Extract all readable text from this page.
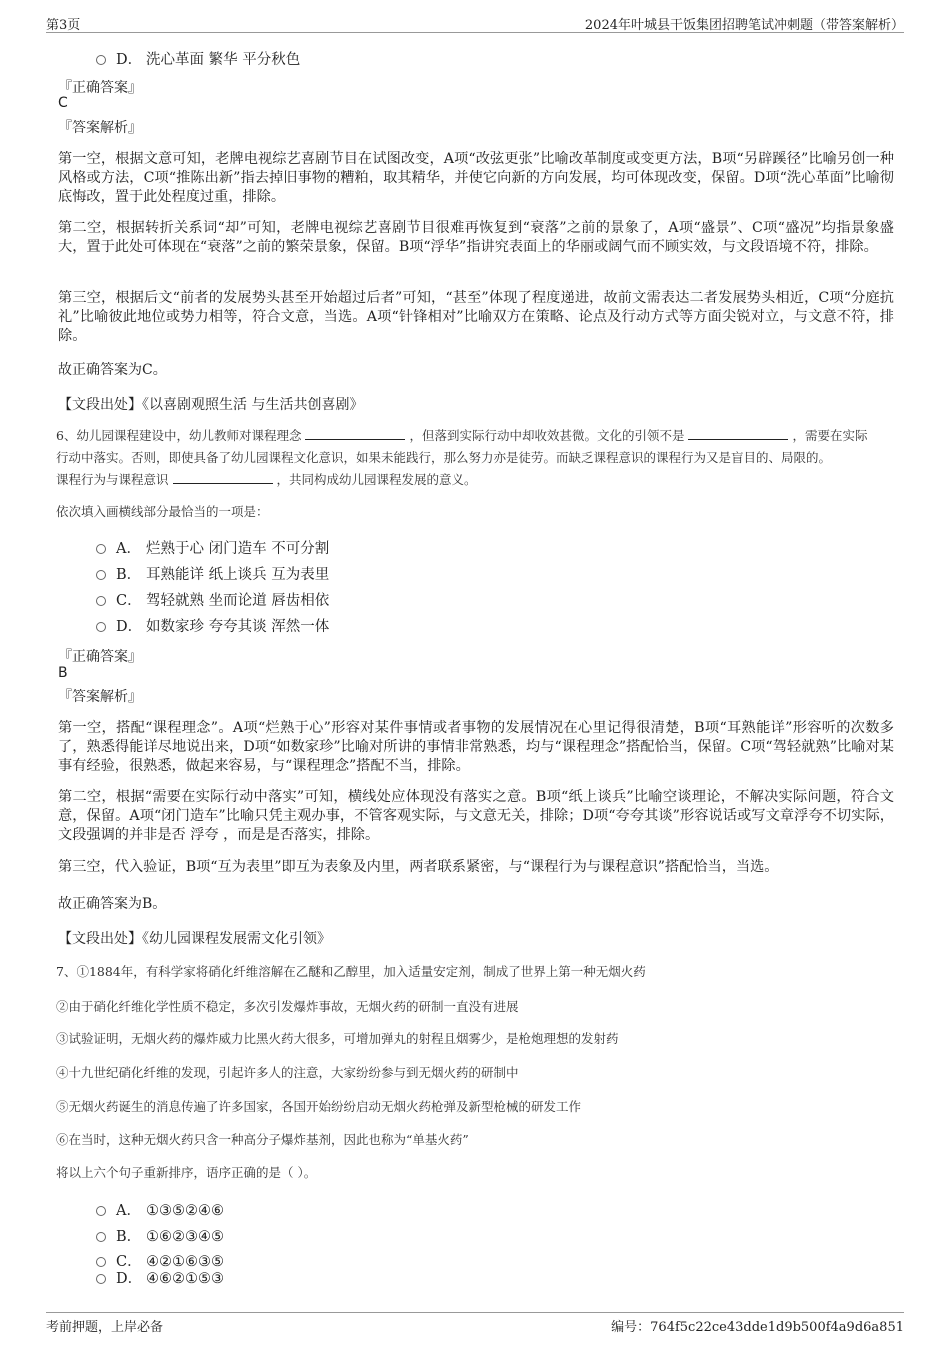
第3页	2024年叶城县干饭集团招聘笔试冲刺题（带答案解析）
D． 洗心革面 繁华 平分秋色
『正确答案』
C
『答案解析』
第一空，根据文意可知，老牌电视综艺喜剧节目在试图改变，A项“改弦更张”比喻改革制度或变更方法，B项“另辟蹊径”比喻另创一种风格或方法，C项“推陈出新”指去掉旧事物的糟粕，取其精华，并使它向新的方向发展，均可体现改变，保留。D项“洗心革面”比喻彻底悔改，置于此处程度过重，排除。
第二空，根据转折关系词“却”可知，老牌电视综艺喜剧节目很难再恢复到“衰落”之前的景象了，A项“盛景”、C项“盛况”均指景象盛大，置于此处可体现在“衰落”之前的繁荣景象，保留。B项“浮华”指讲究表面上的华丽或阔气而不顾实效，与文段语境不符，排除。
第三空，根据后文“前者的发展势头甚至开始超过后者”可知，“甚至”体现了程度递进，故前文需表达二者发展势头相近，C项“分庭抗礼”比喻彼此地位或势力相等，符合文意，当选。A项“针锋相对”比喻双方在策略、论点及行动方式等方面尖锐对立，与文意不符，排除。
故正确答案为C。
【文段出处】《以喜剧观照生活 与生活共创喜剧》
6、幼儿园课程建设中，幼儿教师对课程理念	，但落到实际行动中却收效甚微。文化的引领不是	，需要在实际
行动中落实。否则，即使具备了幼儿园课程文化意识，如果未能践行，那么努力亦是徒劳。而缺乏课程意识的课程行为又是盲目的、局限的。
课程行为与课程意识	，共同构成幼儿园课程发展的意义。
依次填入画横线部分最恰当的一项是：
A． 烂熟于心 闭门造车 不可分割
B． 耳熟能详 纸上谈兵 互为表里
C． 驾轻就熟 坐而论道 唇齿相依
D． 如数家珍 夸夸其谈 浑然一体
『正确答案』
B
『答案解析』
第一空，搭配“课程理念”。A项“烂熟于心”形容对某件事情或者事物的发展情况在心里记得很清楚，B项“耳熟能详”形容听的次数多了，熟悉得能详尽地说出来，D项“如数家珍”比喻对所讲的事情非常熟悉，均与“课程理念”搭配恰当，保留。C项“驾轻就熟”比喻对某事有经验，很熟悉，做起来容易，与“课程理念”搭配不当，排除。
第二空，根据“需要在实际行动中落实”可知，横线处应体现没有落实之意。B项“纸上谈兵”比喻空谈理论，不解决实际问题，符合文意，保留。A项“闭门造车”比喻只凭主观办事，不管客观实际，与文意无关，排除；D项“夸夸其谈”形容说话或写文章浮夸不切实际，文段强调的并非是否 浮夸 ，而是是否落实，排除。
第三空，代入验证，B项“互为表里”即互为表象及内里，两者联系紧密，与“课程行为与课程意识”搭配恰当，当选。
故正确答案为B。
【文段出处】《幼儿园课程发展需文化引领》
7、①1884年，有科学家将硝化纤维溶解在乙醚和乙醇里，加入适量安定剂，制成了世界上第一种无烟火药
②由于硝化纤维化学性质不稳定，多次引发爆炸事故，无烟火药的研制一直没有进展
③试验证明，无烟火药的爆炸威力比黑火药大很多，可增加弹丸的射程且烟雾少，是枪炮理想的发射药
④十九世纪硝化纤维的发现，引起许多人的注意，大家纷纷参与到无烟火药的研制中
⑤无烟火药诞生的消息传遍了许多国家，各国开始纷纷启动无烟火药枪弹及新型枪械的研发工作
⑥在当时，这种无烟火药只含一种高分子爆炸基剂，因此也称为“单基火药”
将以上六个句子重新排序，语序正确的是（ ）。
A． ①③⑤②④⑥
B． ①⑥②③④⑤
C． ④②①⑥③⑤
D． ④⑥②①⑤③
考前押题，上岸必备	编号：764f5c22ce43dde1d9b500f4a9d6a851
